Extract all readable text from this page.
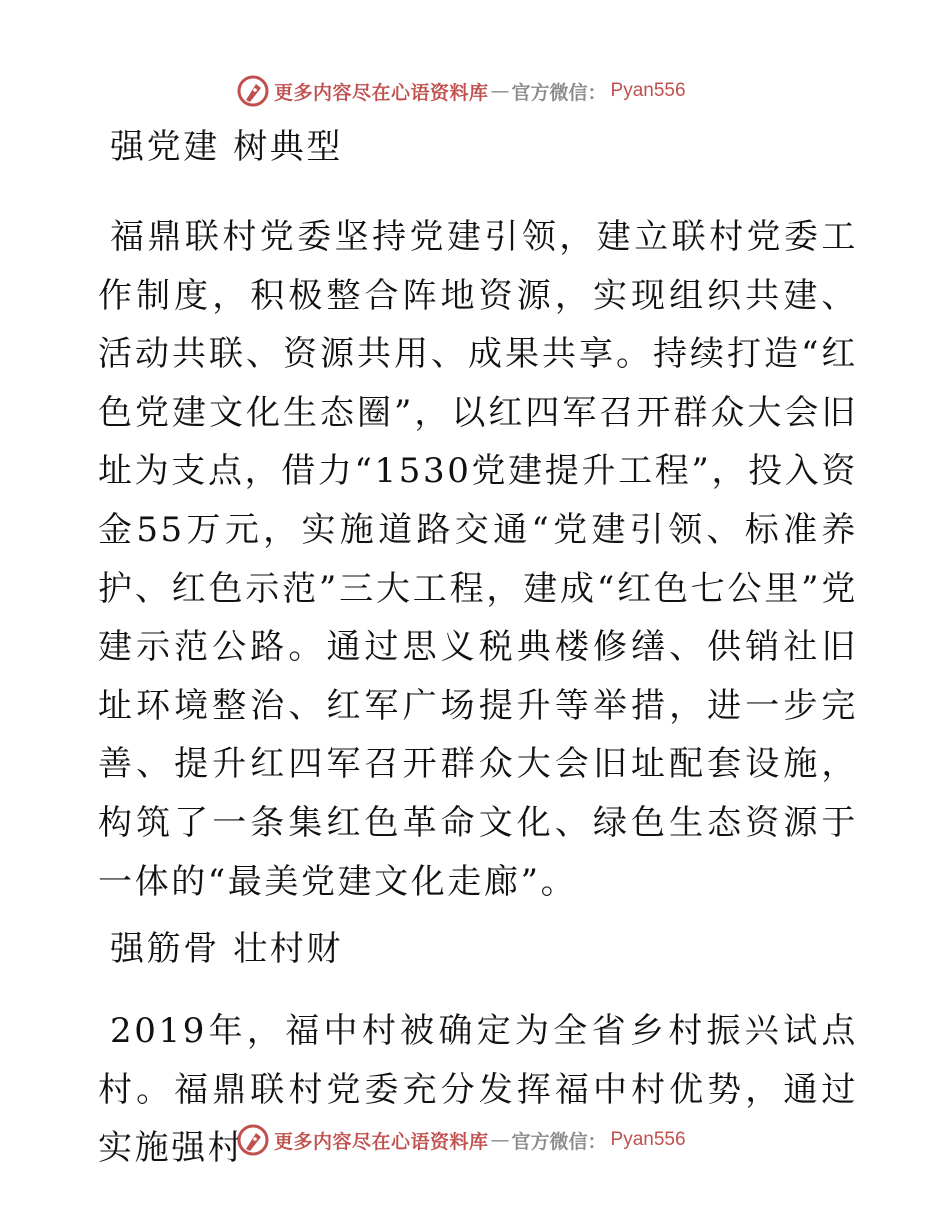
更多内容尽在心语资料库 — 官方微信： Pyan556
强党建 树典型

福鼎联村党委坚持党建引领，建立联村党委工作制度，积极整合阵地资源，实现组织共建、活动共联、资源共用、成果共享。持续打造“红色党建文化生态圈”，以红四军召开群众大会旧址为支点，借力“1530党建提升工程”，投入资金55万元，实施道路交通“党建引领、标准养护、红色示范”三大工程，建成“红色七公里”党建示范公路。通过思义税典楼修缮、供销社旧址环境整治、红军广场提升等举措，进一步完善、提升红四军召开群众大会旧址配套设施，构筑了一条集红色革命文化、绿色生态资源于一体的“最美党建文化走廊”。

强筋骨 壮村财

2019年，福中村被确定为全省乡村振兴试点村。福鼎联村党委充分发挥福中村优势，通过实施强村	更多内容尽在心语资料库 — 官方微信： Pyan556
